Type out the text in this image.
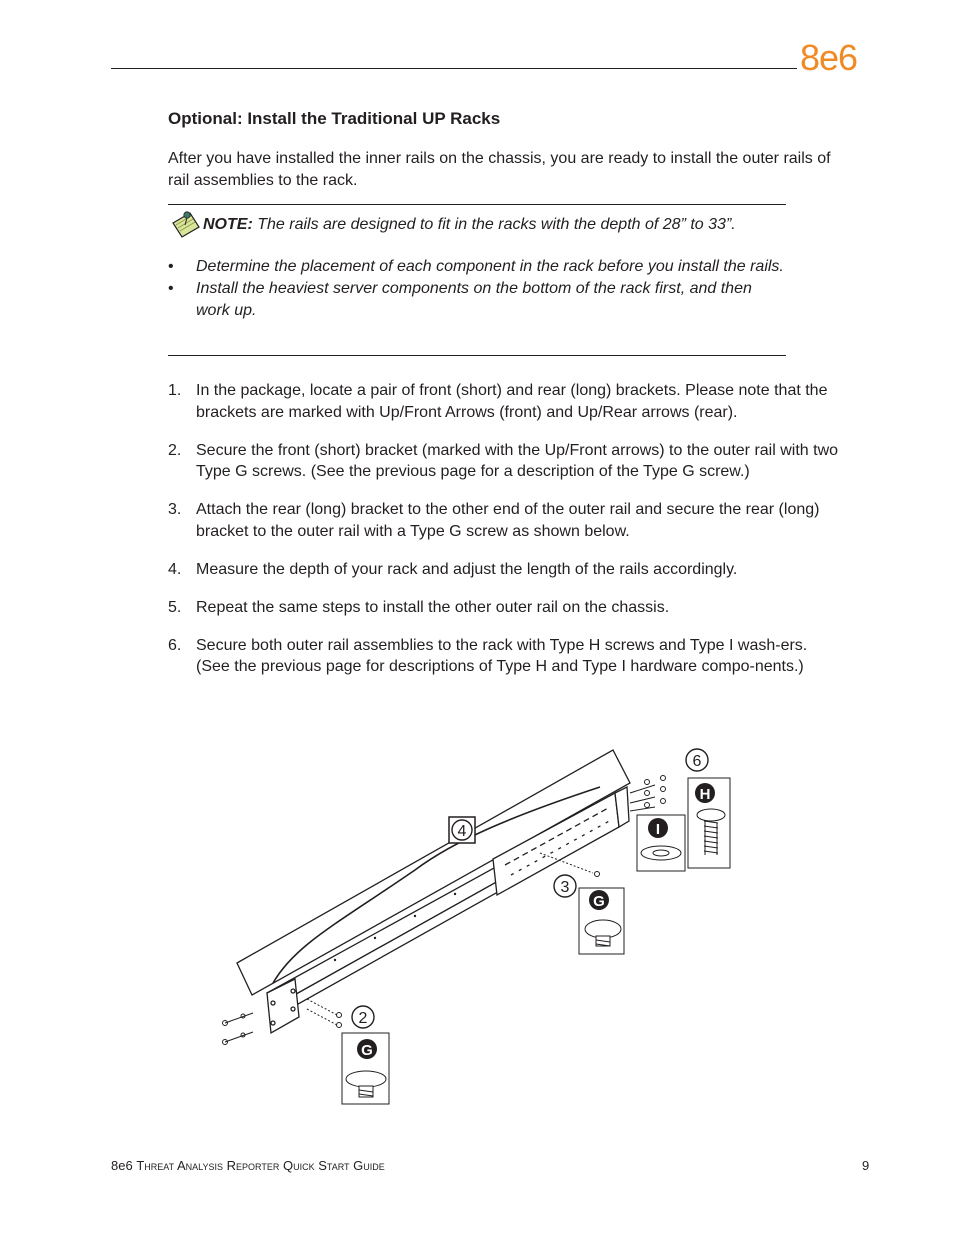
8e6
Optional: Install the Traditional UP Racks

After you have installed the inner rails on the chassis, you are ready to install the outer rails of rail assemblies to the rack.

NOTE: The rails are designed to fit in the racks with the depth of 28” to 33”.
• Determine the placement of each component in the rack before you install the rails.
• Install the heaviest server components on the bottom of the rack first, and then work up.
1. In the package, locate a pair of front (short) and rear (long) brackets. Please note that the brackets are marked with Up/Front Arrows (front) and Up/Rear arrows (rear).
2. Secure the front (short) bracket (marked with the Up/Front arrows) to the outer rail with two Type G screws. (See the previous page for a description of the Type G screw.)
3. Attach the rear (long) bracket to the other end of the outer rail and secure the rear (long) bracket to the outer rail with a Type G screw as shown below.
4. Measure the depth of your rack and adjust the length of the rails accordingly.
5. Repeat the same steps to install the other outer rail on the chassis.
6. Secure both outer rail assemblies to the rack with Type H screws and Type I wash-ers. (See the previous page for descriptions of Type H and Type I hardware compo-nents.)
4
6
3
2
H
I
G
G
8e6 Threat Analysis Reporter Quick Start Guide	9
